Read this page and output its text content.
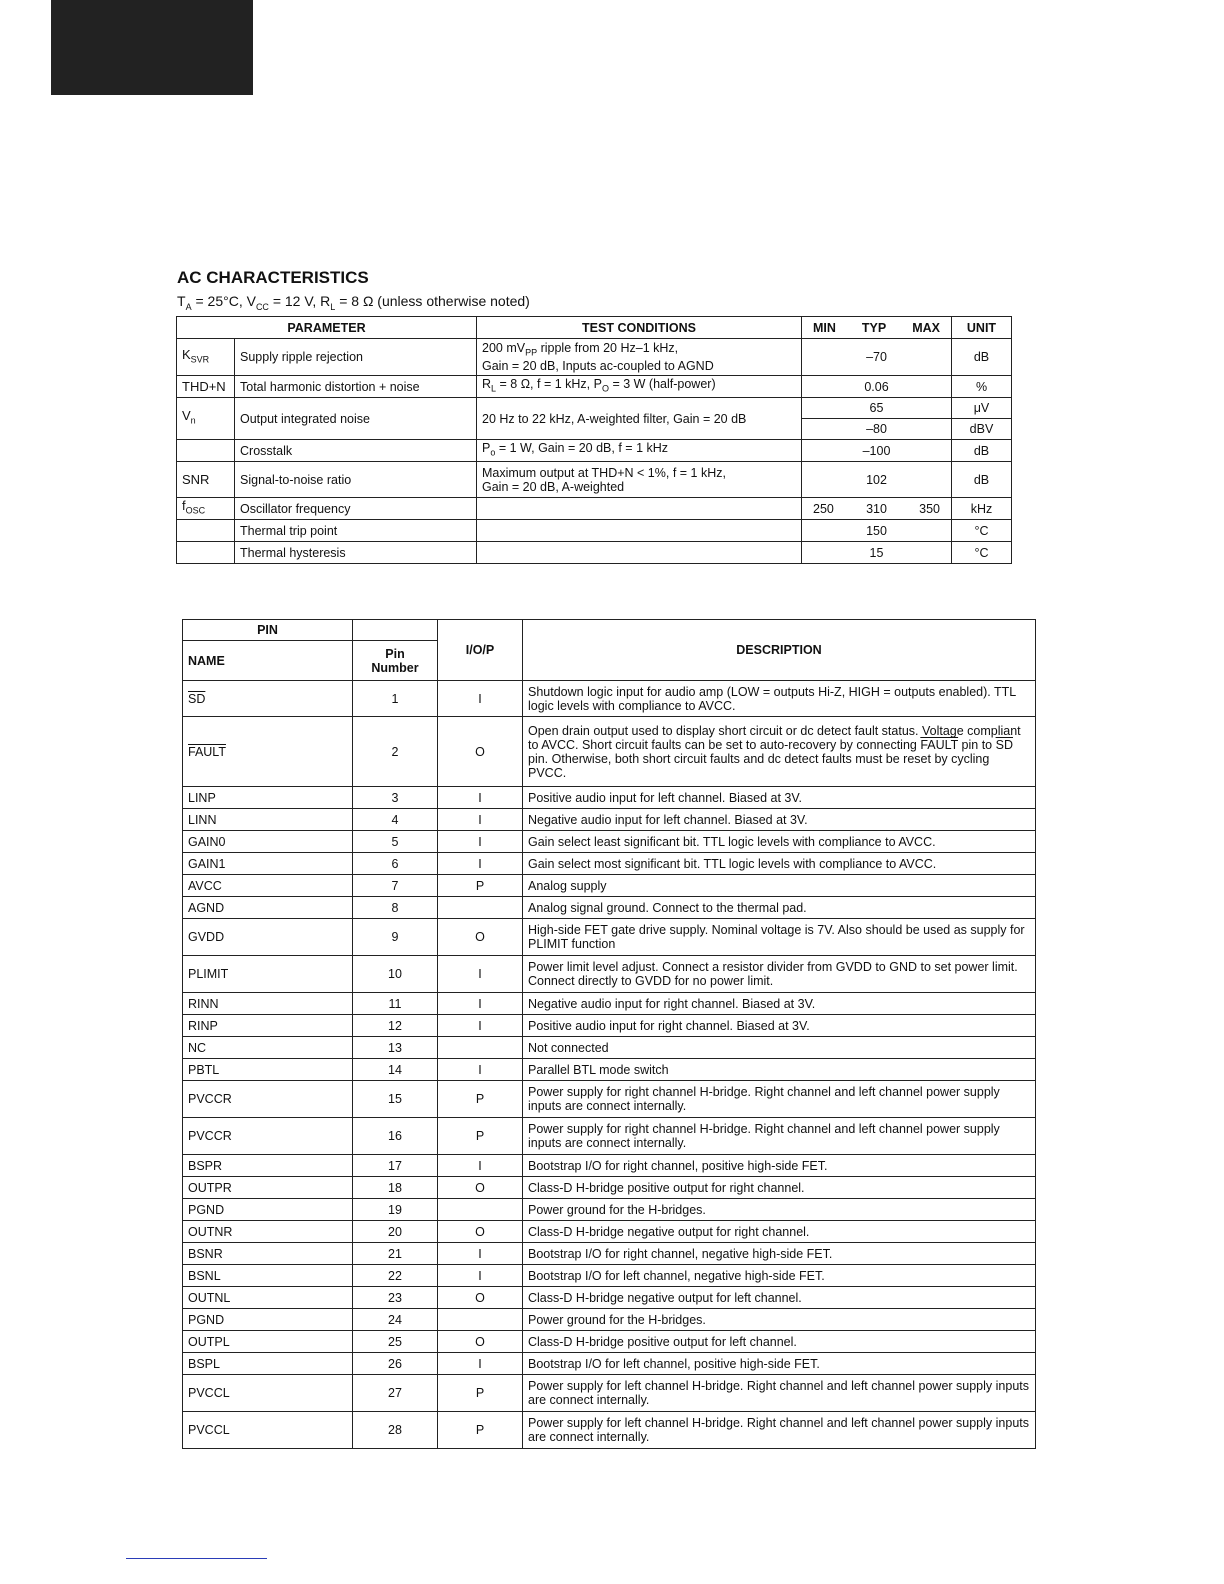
AC CHARACTERISTICS
$T_A = 25^\circ C$, $V_{CC} = 12$ V, $R_L = 8$ Ω (unless otherwise noted)
PARAMETER		TEST CONDITIONS	MIN TYP MAX	UNIT
$K_{SVR}$	Supply ripple rejection	200 $mV_{PP}$ ripple from 20 Hz–1 kHz,
Gain = 20 dB, Inputs ac-coupled to AGND	–70	dB
THD+N	Total harmonic distortion + noise	$R_L = 8$ Ω, f = 1 kHz, $P_O = 3$ W (half-power)	0.06	%
$V_n$	Output integrated noise	20 Hz to 22 kHz, A-weighted filter, Gain = 20 dB	65	μV
			–80	dBV
	Crosstalk	$P_o = 1$ W, Gain = 20 dB, f = 1 kHz	–100	dB
SNR	Signal-to-noise ratio	Maximum output at THD+N < 1%, f = 1 kHz,
Gain = 20 dB, A-weighted	102	dB
$f_{OSC}$	Oscillator frequency		250 310 350	kHz
	Thermal trip point		150	°C
	Thermal hysteresis		15	°C
PIN		I/O/P	DESCRIPTION
NAME	Pin
Number		
$\overline{SD}$	1	I	Shutdown logic input for audio amp (LOW = outputs Hi-Z, HIGH = outputs enabled). TTL logic levels with compliance to AVCC.
FAULT	2	O	Open drain output used to display short circuit or dc detect fault status. Voltage compliant to AVCC. Short circuit faults can be set to auto-recovery by connecting FAULT pin to $\overline{SD}$ pin. Otherwise, both short circuit faults and dc detect faults must be reset by cycling PVCC.
LINP	3	I	Positive audio input for left channel. Biased at 3V.
LINN	4	I	Negative audio input for left channel. Biased at 3V.
GAIN0	5	I	Gain select least significant bit. TTL logic levels with compliance to AVCC.
GAIN1	6	I	Gain select most significant bit. TTL logic levels with compliance to AVCC.
AVCC	7	P	Analog supply
AGND	8		Analog signal ground. Connect to the thermal pad.
GVDD	9	O	High-side FET gate drive supply. Nominal voltage is 7V. Also should be used as supply for PLIMIT function
PLIMIT	10	I	Power limit level adjust. Connect a resistor divider from GVDD to GND to set power limit. Connect directly to GVDD for no power limit.
RINN	11	I	Negative audio input for right channel. Biased at 3V.
RINP	12	I	Positive audio input for right channel. Biased at 3V.
NC	13		Not connected
PBTL	14	I	Parallel BTL mode switch
PVCCR	15	P	Power supply for right channel H-bridge. Right channel and left channel power supply inputs are connect internally.
PVCCR	16	P	Power supply for right channel H-bridge. Right channel and left channel power supply inputs are connect internally.
BSPR	17	I	Bootstrap I/O for right channel, positive high-side FET.
OUTPR	18	O	Class-D H-bridge positive output for right channel.
PGND	19		Power ground for the H-bridges.
OUTNR	20	O	Class-D H-bridge negative output for right channel.
BSNR	21	I	Bootstrap I/O for right channel, negative high-side FET.
BSNL	22	I	Bootstrap I/O for left channel, negative high-side FET.
OUTNL	23	O	Class-D H-bridge negative output for left channel.
PGND	24		Power ground for the H-bridges.
OUTPL	25	O	Class-D H-bridge positive output for left channel.
BSPL	26	I	Bootstrap I/O for left channel, positive high-side FET.
PVCCL	27	P	Power supply for left channel H-bridge. Right channel and left channel power supply inputs are connect internally.
PVCCL	28	P	Power supply for left channel H-bridge. Right channel and left channel power supply inputs are connect internally.
